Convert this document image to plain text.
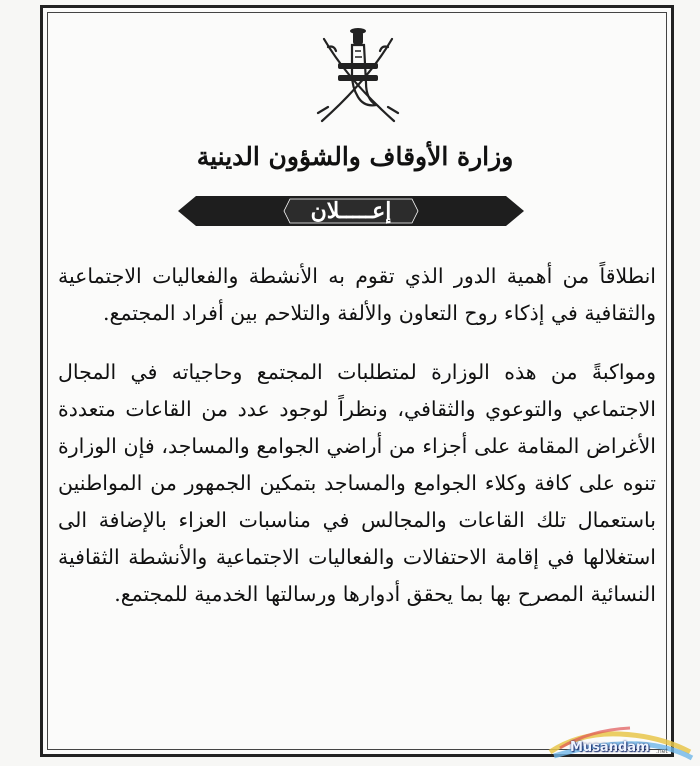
وزارة الأوقاف والشؤون الدينية
إعـــــلان

انطلاقاً من أهمية الدور الذي تقوم به الأنشطة والفعاليات الاجتماعية والثقافية في إذكاء روح التعاون والألفة والتلاحم بين أفراد المجتمع.

ومواكبةً من هذه الوزارة لمتطلبات المجتمع وحاجياته في المجال الاجتماعي والتوعوي والثقافي، ونظراً لوجود عدد من القاعات متعددة الأغراض المقامة على أجزاء من أراضي الجوامع والمساجد، فإن الوزارة تنوه على كافة وكلاء الجوامع والمساجد بتمكين الجمهور من المواطنين باستعمال تلك القاعات والمجالس في مناسبات العزاء بالإضافة الى استغلالها في إقامة الاحتفالات والفعاليات الاجتماعية والأنشطة الثقافية النسائية المصرح بها بما يحقق أدوارها ورسالتها الخدمية للمجتمع.

Musandam .net
